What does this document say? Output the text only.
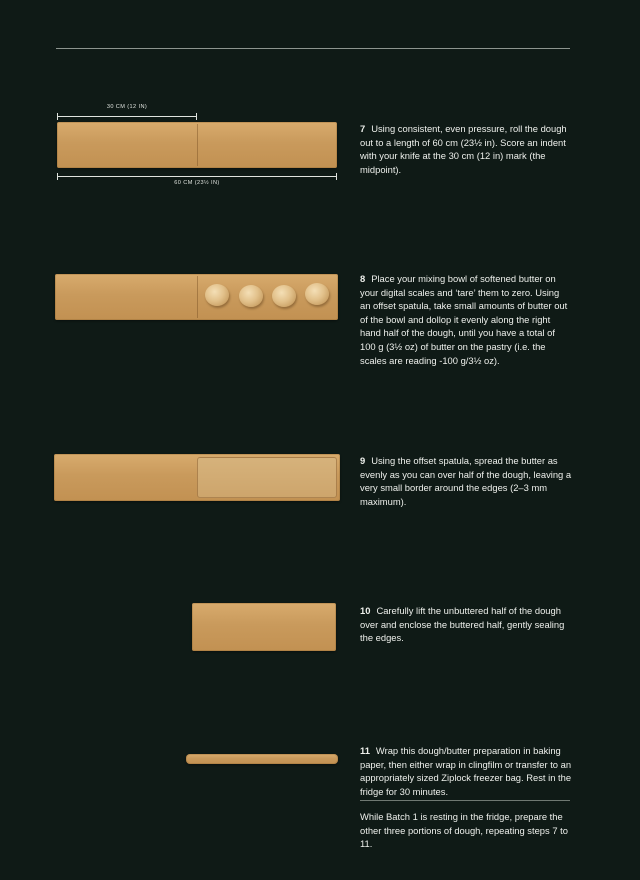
30 CM (12 IN)
60 CM (23½ IN)

7 Using consistent, even pressure, roll the dough out to a length of 60 cm (23½ in). Score an indent with your knife at the 30 cm (12 in) mark (the midpoint).

8 Place your mixing bowl of softened butter on your digital scales and ‘tare’ them to zero. Using an offset spatula, take small amounts of butter out of the bowl and dollop it evenly along the right hand half of the dough, until you have a total of 100 g (3½ oz) of butter on the pastry (i.e. the scales are reading -100 g/3½ oz).

9 Using the offset spatula, spread the butter as evenly as you can over half of the dough, leaving a very small border around the edges (2–3 mm maximum).

10 Carefully lift the unbuttered half of the dough over and enclose the buttered half, gently sealing the edges.

11 Wrap this dough/butter preparation in baking paper, then either wrap in clingfilm or transfer to an appropriately sized Ziplock freezer bag. Rest in the fridge for 30 minutes.

While Batch 1 is resting in the fridge, prepare the other three portions of dough, repeating steps 7 to 11.
